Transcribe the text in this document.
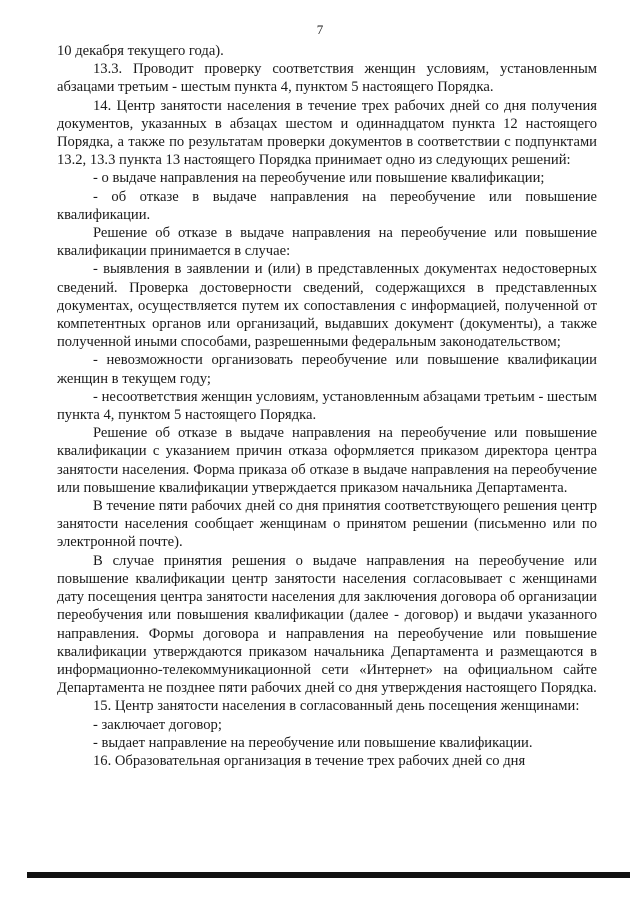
7

10 декабря текущего года).

13.3. Проводит проверку соответствия женщин условиям, установленным абзацами третьим - шестым пункта 4, пунктом 5 настоящего Порядка.

14. Центр занятости населения в течение трех рабочих дней со дня получения документов, указанных в абзацах шестом и одиннадцатом пункта 12 настоящего Порядка, а также по результатам проверки документов в соответствии с подпунктами 13.2, 13.3 пункта 13 настоящего Порядка принимает одно из следующих решений:

- о выдаче направления на переобучение или повышение квалификации;

- об отказе в выдаче направления на переобучение или повышение квалификации.

Решение об отказе в выдаче направления на переобучение или повышение квалификации принимается в случае:

- выявления в заявлении и (или) в представленных документах недостоверных сведений. Проверка достоверности сведений, содержащихся в представленных документах, осуществляется путем их сопоставления с информацией, полученной от компетентных органов или организаций, выдавших документ (документы), а также полученной иными способами, разрешенными федеральным законодательством;

- невозможности организовать переобучение или повышение квалификации женщин в текущем году;

- несоответствия женщин условиям, установленным абзацами третьим - шестым пункта 4, пунктом 5 настоящего Порядка.

Решение об отказе в выдаче направления на переобучение или повышение квалификации с указанием причин отказа оформляется приказом директора центра занятости населения. Форма приказа об отказе в выдаче направления на переобучение или повышение квалификации утверждается приказом начальника Департамента.

В течение пяти рабочих дней со дня принятия соответствующего решения центр занятости населения сообщает женщинам о принятом решении (письменно или по электронной почте).

В случае принятия решения о выдаче направления на переобучение или повышение квалификации центр занятости населения согласовывает с женщинами дату посещения центра занятости населения для заключения договора об организации переобучения или повышения квалификации (далее - договор) и выдачи указанного направления. Формы договора и направления на переобучение или повышение квалификации утверждаются приказом начальника Департамента и размещаются в информационно-телекоммуникационной сети «Интернет» на официальном сайте Департамента не позднее пяти рабочих дней со дня утверждения настоящего Порядка.

15. Центр занятости населения в согласованный день посещения женщинами:

- заключает договор;

- выдает направление на переобучение или повышение квалификации.

16. Образовательная организация в течение трех рабочих дней со дня
